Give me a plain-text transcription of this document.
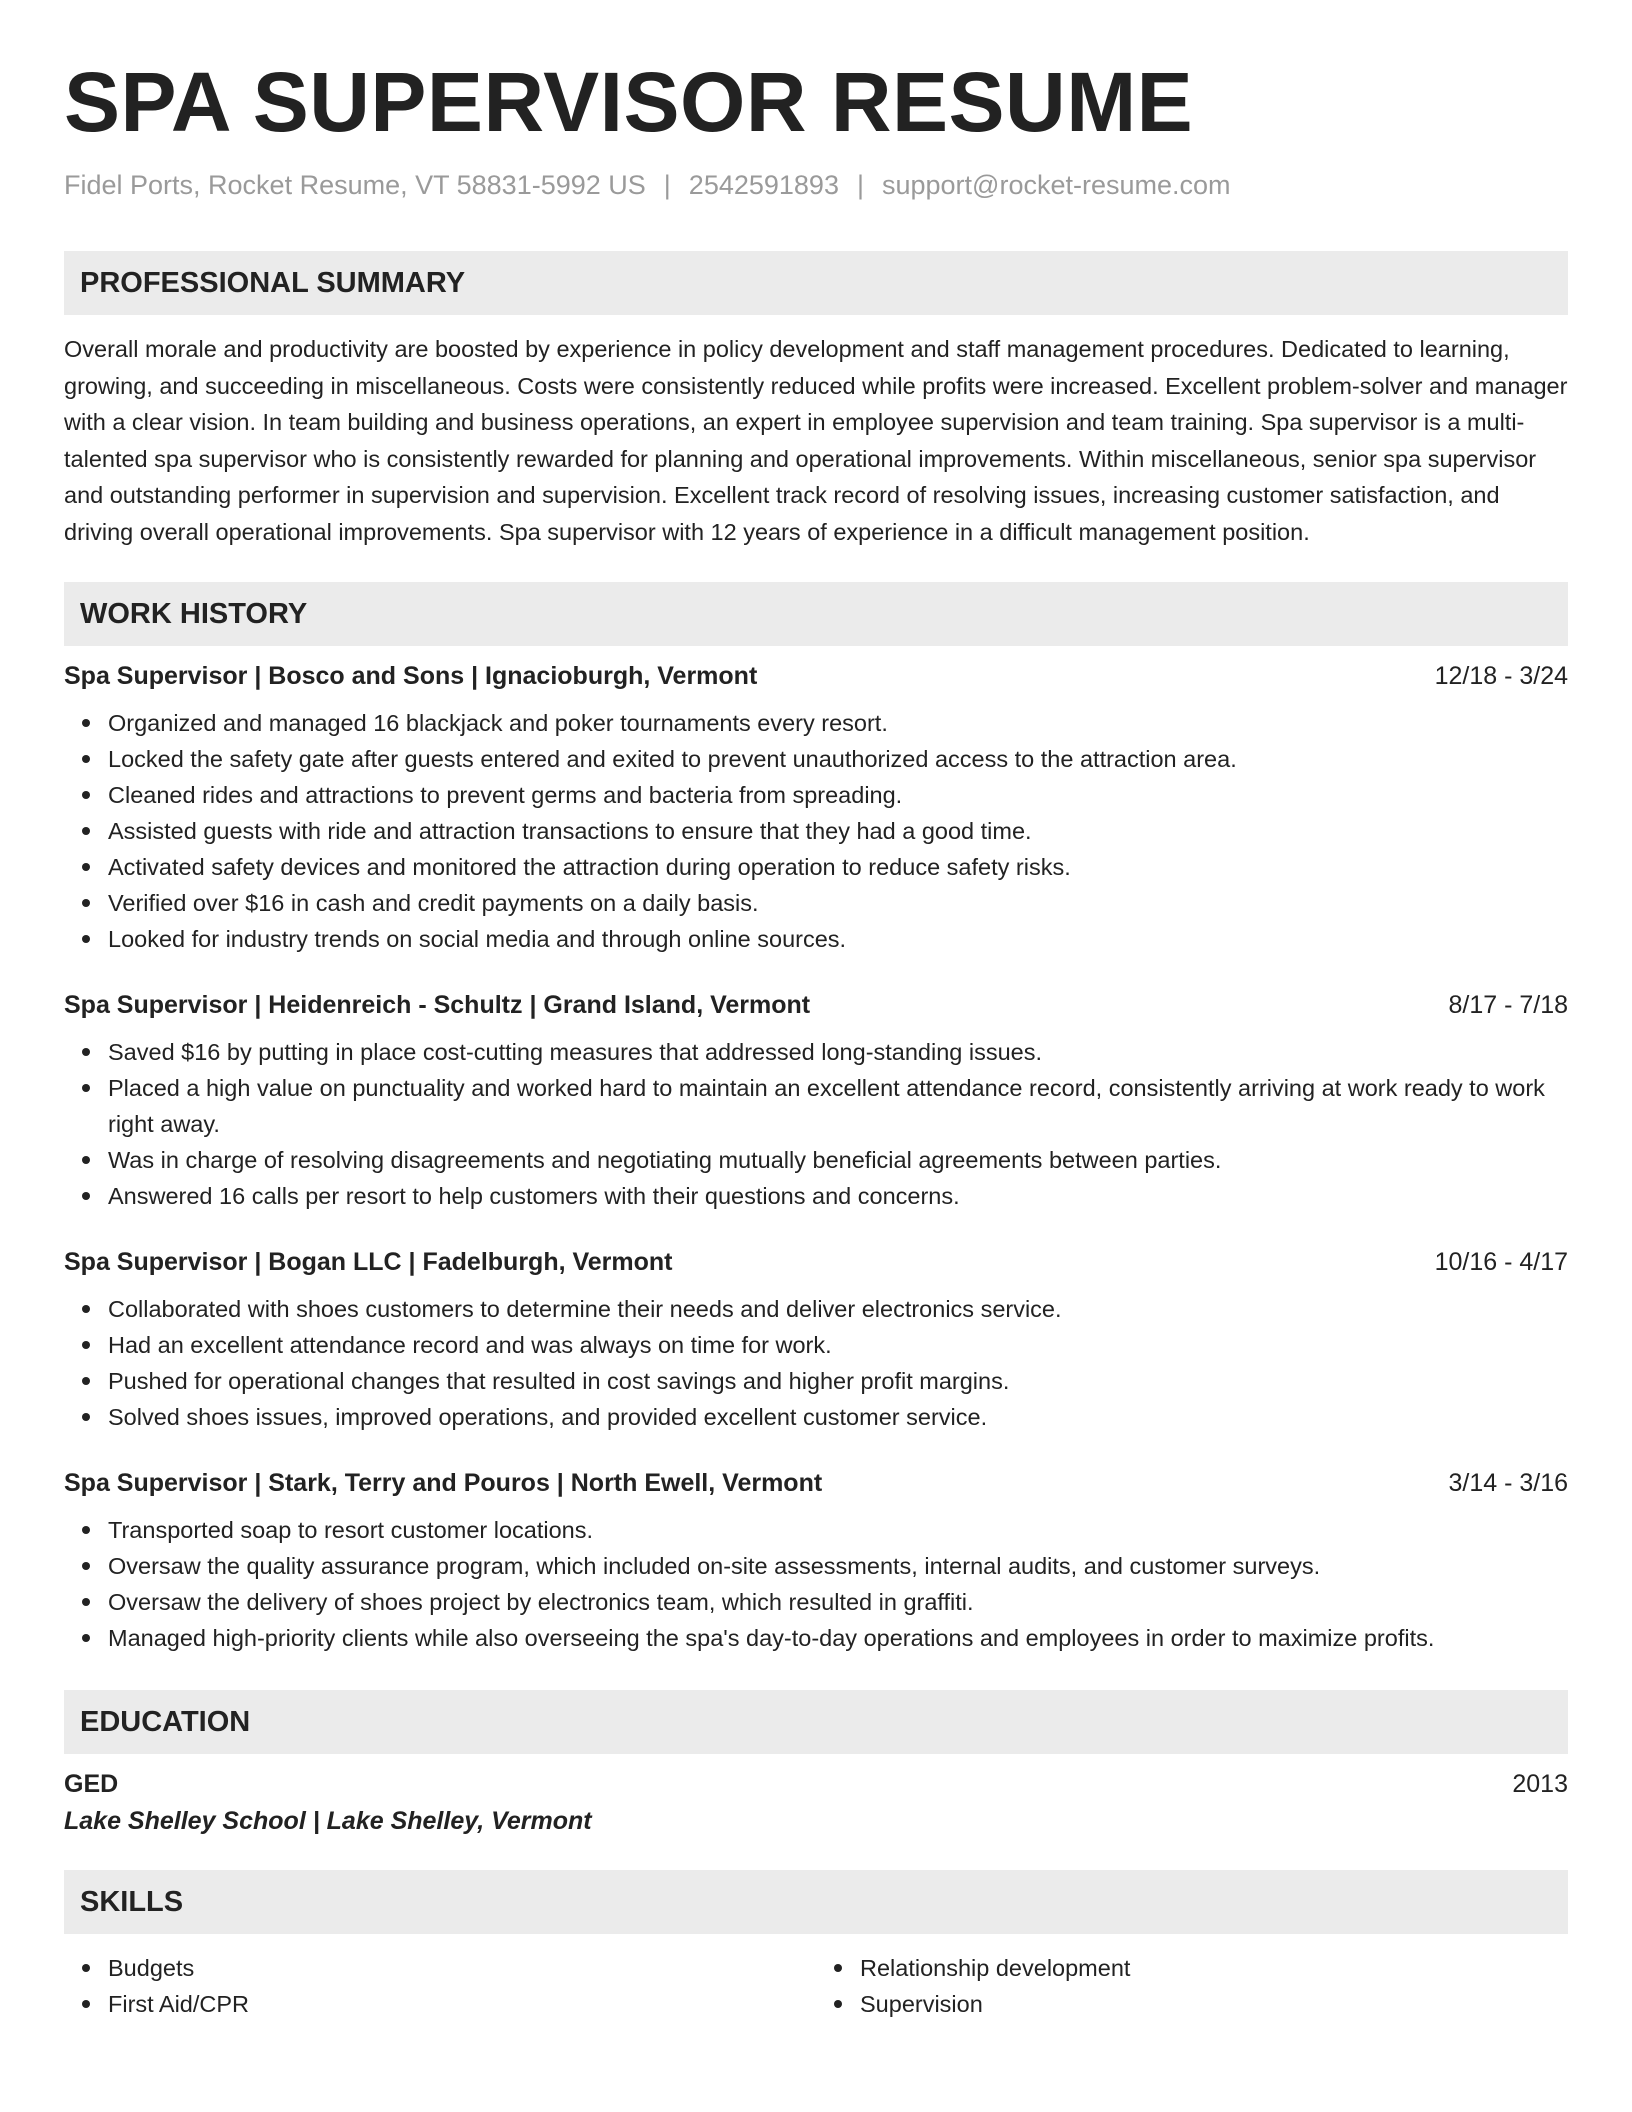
SPA SUPERVISOR RESUME
Fidel Ports, Rocket Resume, VT 58831-5992 US | 2542591893 | support@rocket-resume.com
PROFESSIONAL SUMMARY

Overall morale and productivity are boosted by experience in policy development and staff management procedures. Dedicated to learning, growing, and succeeding in miscellaneous. Costs were consistently reduced while profits were increased. Excellent problem-solver and manager with a clear vision. In team building and business operations, an expert in employee supervision and team training. Spa supervisor is a multi-talented spa supervisor who is consistently rewarded for planning and operational improvements. Within miscellaneous, senior spa supervisor and outstanding performer in supervision and supervision. Excellent track record of resolving issues, increasing customer satisfaction, and driving overall operational improvements. Spa supervisor with 12 years of experience in a difficult management position.

WORK HISTORY
Spa Supervisor | Bosco and Sons | Ignacioburgh, Vermont	12/18 - 3/24
Organized and managed 16 blackjack and poker tournaments every resort.
Locked the safety gate after guests entered and exited to prevent unauthorized access to the attraction area.
Cleaned rides and attractions to prevent germs and bacteria from spreading.
Assisted guests with ride and attraction transactions to ensure that they had a good time.
Activated safety devices and monitored the attraction during operation to reduce safety risks.
Verified over $16 in cash and credit payments on a daily basis.
Looked for industry trends on social media and through online sources.
Spa Supervisor | Heidenreich - Schultz | Grand Island, Vermont	8/17 - 7/18
Saved $16 by putting in place cost-cutting measures that addressed long-standing issues.
Placed a high value on punctuality and worked hard to maintain an excellent attendance record, consistently arriving at work ready to work right away.
Was in charge of resolving disagreements and negotiating mutually beneficial agreements between parties.
Answered 16 calls per resort to help customers with their questions and concerns.
Spa Supervisor | Bogan LLC | Fadelburgh, Vermont	10/16 - 4/17
Collaborated with shoes customers to determine their needs and deliver electronics service.
Had an excellent attendance record and was always on time for work.
Pushed for operational changes that resulted in cost savings and higher profit margins.
Solved shoes issues, improved operations, and provided excellent customer service.
Spa Supervisor | Stark, Terry and Pouros | North Ewell, Vermont	3/14 - 3/16
Transported soap to resort customer locations.
Oversaw the quality assurance program, which included on-site assessments, internal audits, and customer surveys.
Oversaw the delivery of shoes project by electronics team, which resulted in graffiti.
Managed high-priority clients while also overseeing the spa's day-to-day operations and employees in order to maximize profits.
EDUCATION
GED	2013
Lake Shelley School | Lake Shelley, Vermont
SKILLS
Budgets
First Aid/CPR
Relationship development
Supervision
